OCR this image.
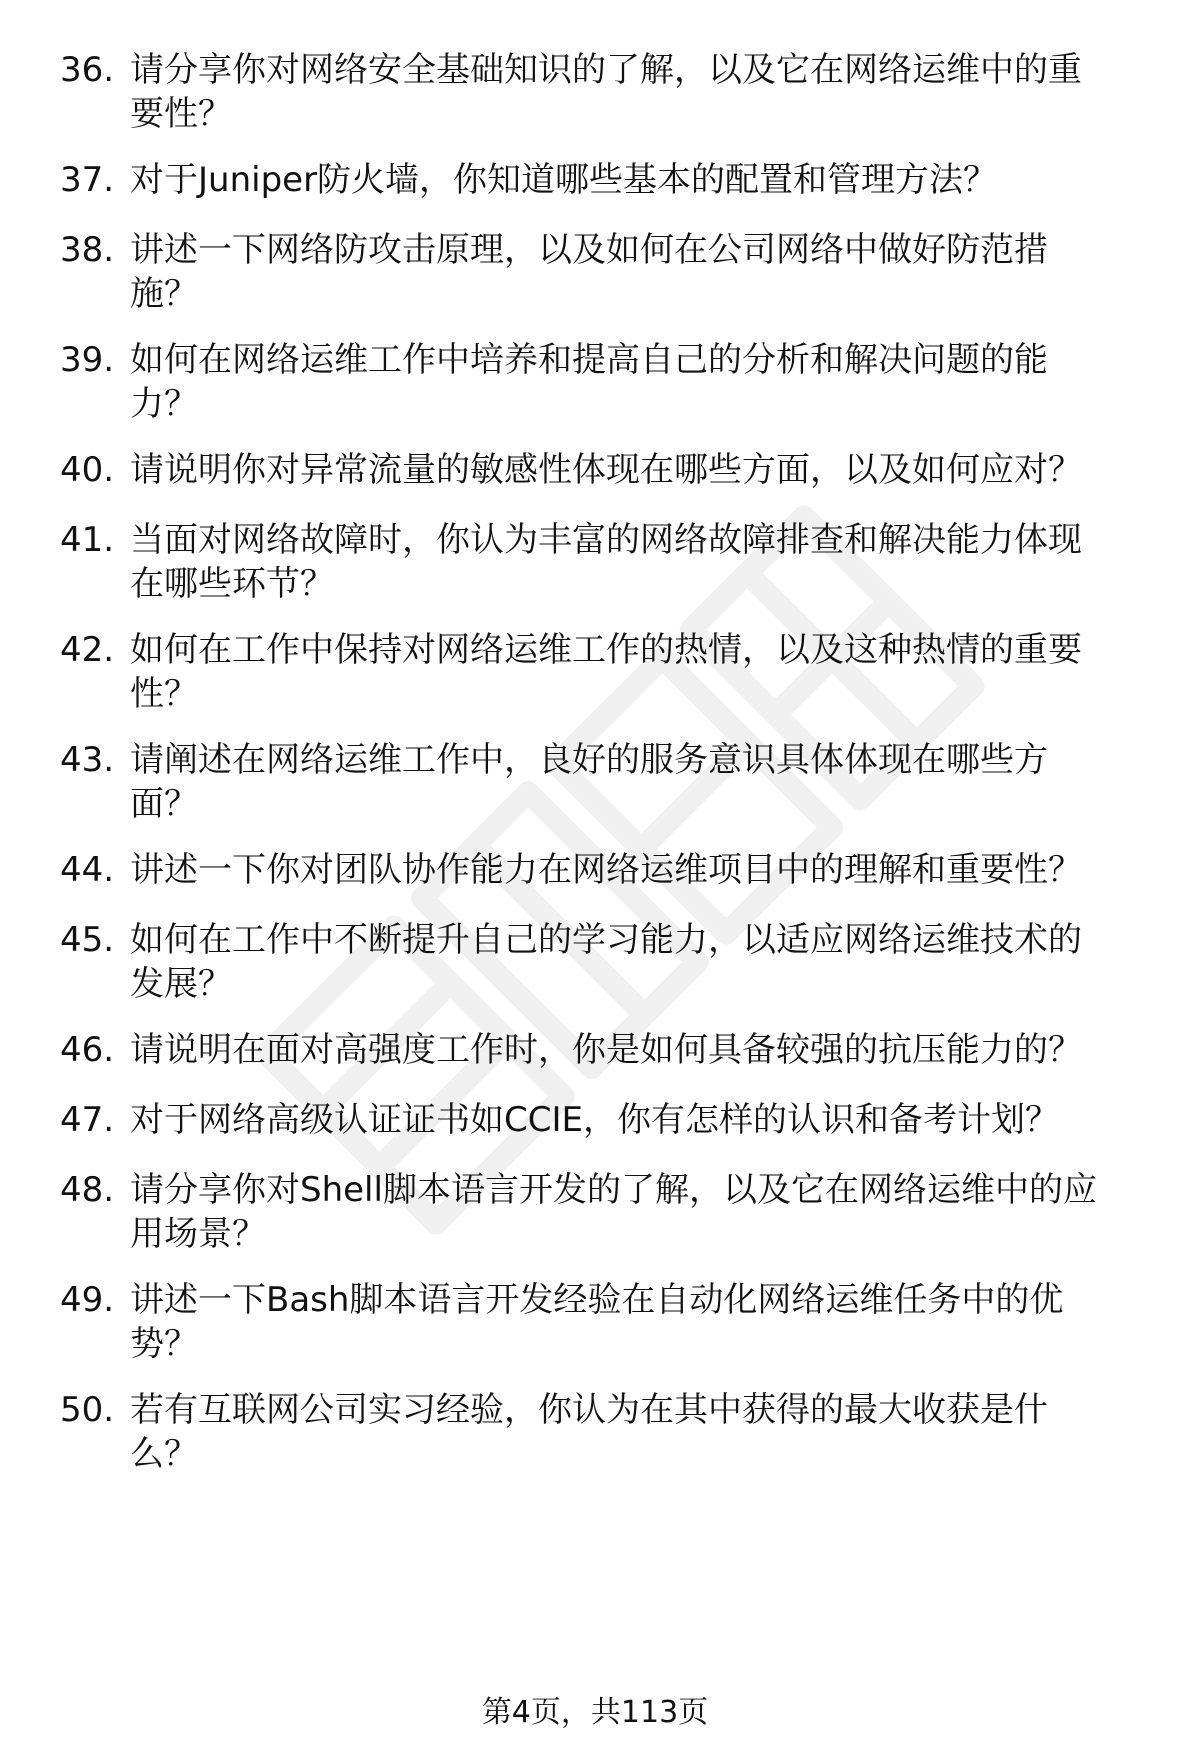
36. 请分享你对网络安全基础知识的了解，以及它在网络运维中的重
要性？
37. 对于Juniper防火墙，你知道哪些基本的配置和管理方法？
38. 讲述一下网络防攻击原理，以及如何在公司网络中做好防范措
施？
39. 如何在网络运维工作中培养和提高自己的分析和解决问题的能
力？
40. 请说明你对异常流量的敏感性体现在哪些方面，以及如何应对？
41. 当面对网络故障时，你认为丰富的网络故障排查和解决能力体现
在哪些环节？
42. 如何在工作中保持对网络运维工作的热情，以及这种热情的重要
性？
43. 请阐述在网络运维工作中，良好的服务意识具体体现在哪些方
面？
44. 讲述一下你对团队协作能力在网络运维项目中的理解和重要性？
45. 如何在工作中不断提升自己的学习能力，以适应网络运维技术的
发展？
46. 请说明在面对高强度工作时，你是如何具备较强的抗压能力的？
47. 对于网络高级认证证书如CCIE，你有怎样的认识和备考计划？
48. 请分享你对Shell脚本语言开发的了解，以及它在网络运维中的应
用场景？
49. 讲述一下Bash脚本语言开发经验在自动化网络运维任务中的优
势？
50. 若有互联网公司实习经验，你认为在其中获得的最大收获是什
么？
第4页，共113页
